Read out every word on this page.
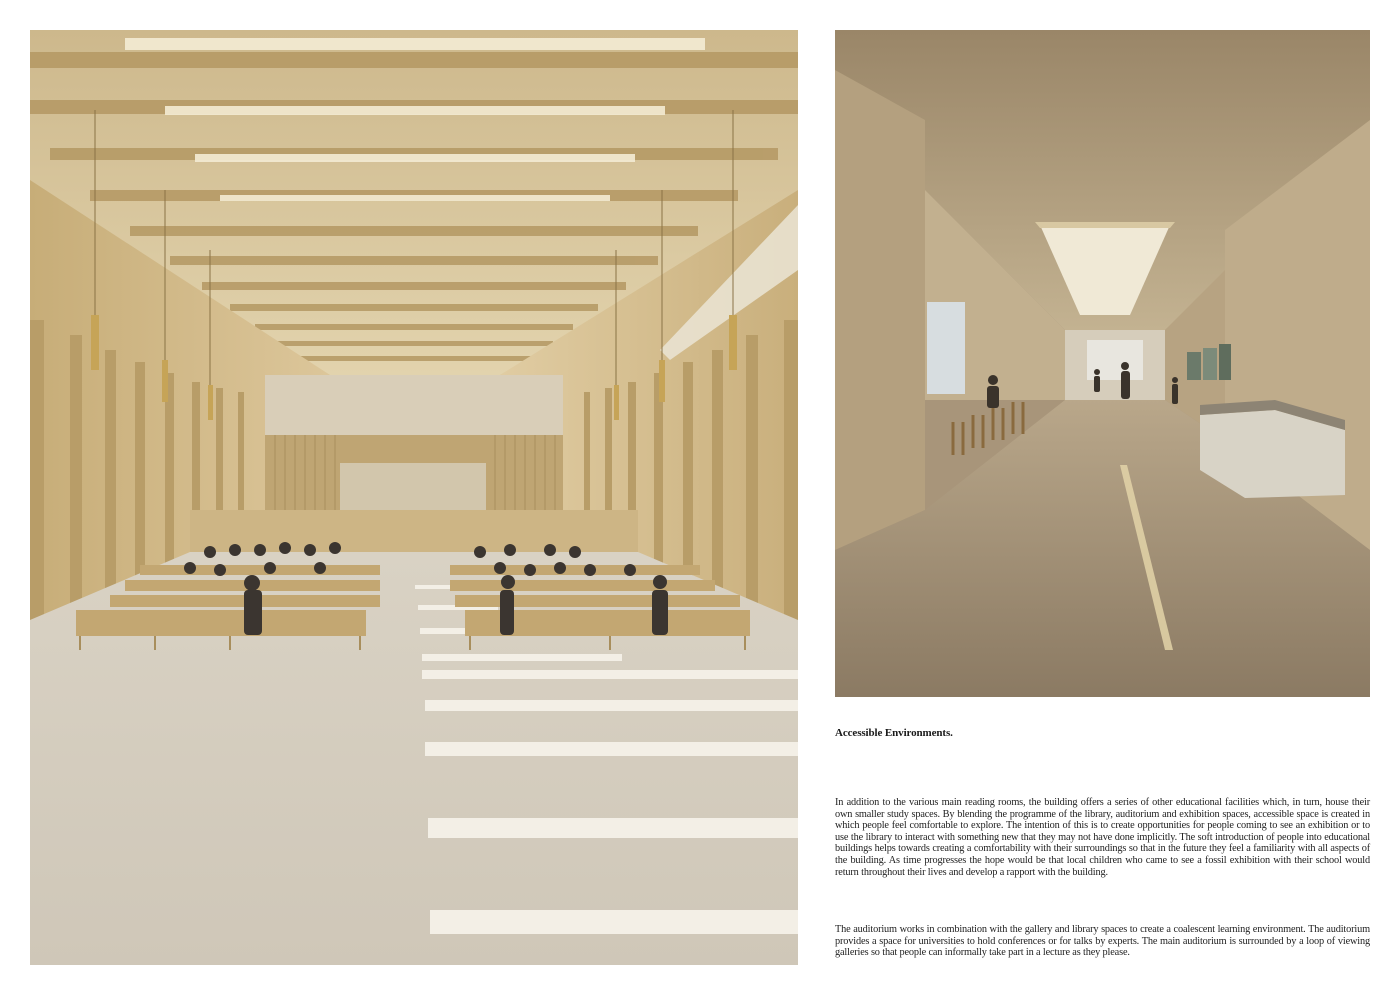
Accessible Environments.

In addition to the various main reading rooms, the building offers a series of other educational facilities which, in turn, house their own smaller study spaces. By blending the programme of the library, auditorium and exhibition spaces, accessible space is created in which people feel comfortable to explore. The intention of this is to create opportunities for people coming to see an exhibition or to use the library to interact with something new that they may not have done implicitly. The soft introduction of people into educational buildings helps towards creating a comfortability with their surroundings so that in the future they feel a familiarity with all aspects of the building. As time progresses the hope would be that local children who came to see a fossil exhibition with their school would return throughout their lives and develop a rapport with the building.

The auditorium works in combination with the gallery and library spaces to create a coalescent learning environment. The auditorium provides a space for universities to hold conferences or for talks by experts. The main auditorium is surrounded by a loop of viewing galleries so that people can informally take part in a lecture as they please.
